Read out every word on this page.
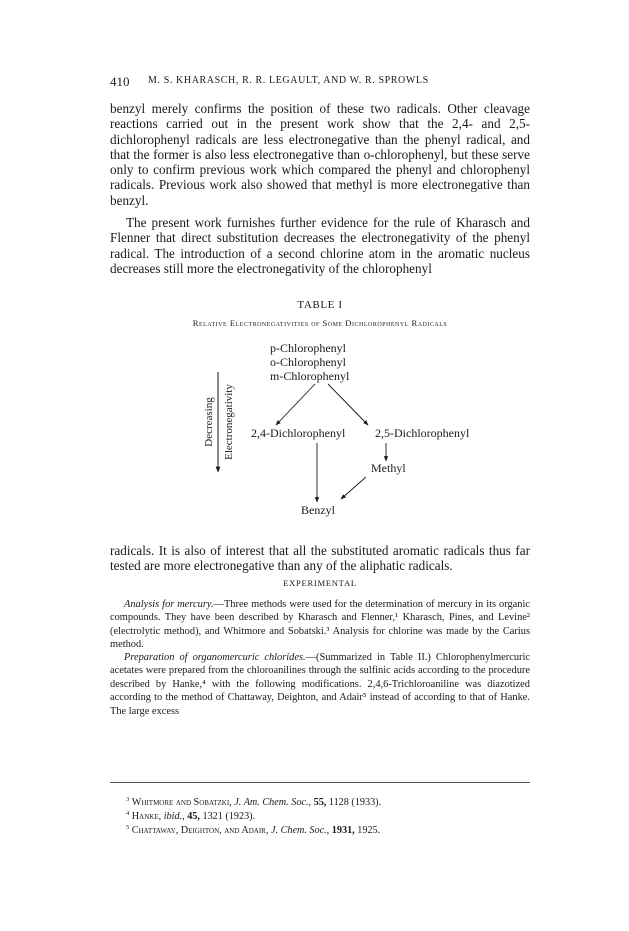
410 M. S. KHARASCH, R. R. LEGAULT, AND W. R. SPROWLS

benzyl merely confirms the position of these two radicals. Other cleavage reactions carried out in the present work show that the 2,4- and 2,5-dichlorophenyl radicals are less electronegative than the phenyl radical, and that the former is also less electronegative than o-chlorophenyl, but these serve only to confirm previous work which compared the phenyl and chlorophenyl radicals. Previous work also showed that methyl is more electronegative than benzyl.

The present work furnishes further evidence for the rule of Kharasch and Flenner that direct substitution decreases the electronegativity of the phenyl radical. The introduction of a second chlorine atom in the aromatic nucleus decreases still more the electronegativity of the chlorophenyl

TABLE I
Relative Electronegativities of Some Dichlorophenyl Radicals
Decreasing Electronegativity
p-Chlorophenyl
o-Chlorophenyl
m-Chlorophenyl
2,4-Dichlorophenyl 2,5-Dichlorophenyl
Methyl
Benzyl

radicals. It is also of interest that all the substituted aromatic radicals thus far tested are more electronegative than any of the aliphatic radicals.

EXPERIMENTAL

Analysis for mercury.—Three methods were used for the determination of mercury in its organic compounds. They have been described by Kharasch and Flenner,¹ Kharasch, Pines, and Levine² (electrolytic method), and Whitmore and Sobatski.³ Analysis for chlorine was made by the Carius method.

Preparation of organomercuric chlorides.—(Summarized in Table II.) Chlorophenylmercuric acetates were prepared from the chloroanilines through the sulfinic acids according to the procedure described by Hanke,⁴ with the following modifications. 2,4,6-Trichloroaniline was diazotized according to the method of Chattaway, Deighton, and Adair⁵ instead of according to that of Hanke. The large excess

$^3$ Whitmore and Sobatzki, J. Am. Chem. Soc., 55, 1128 (1933).

$^4$ Hanke, ibid., 45, 1321 (1923).

$^5$ Chattaway, Deighton, and Adair, J. Chem. Soc., 1931, 1925.
